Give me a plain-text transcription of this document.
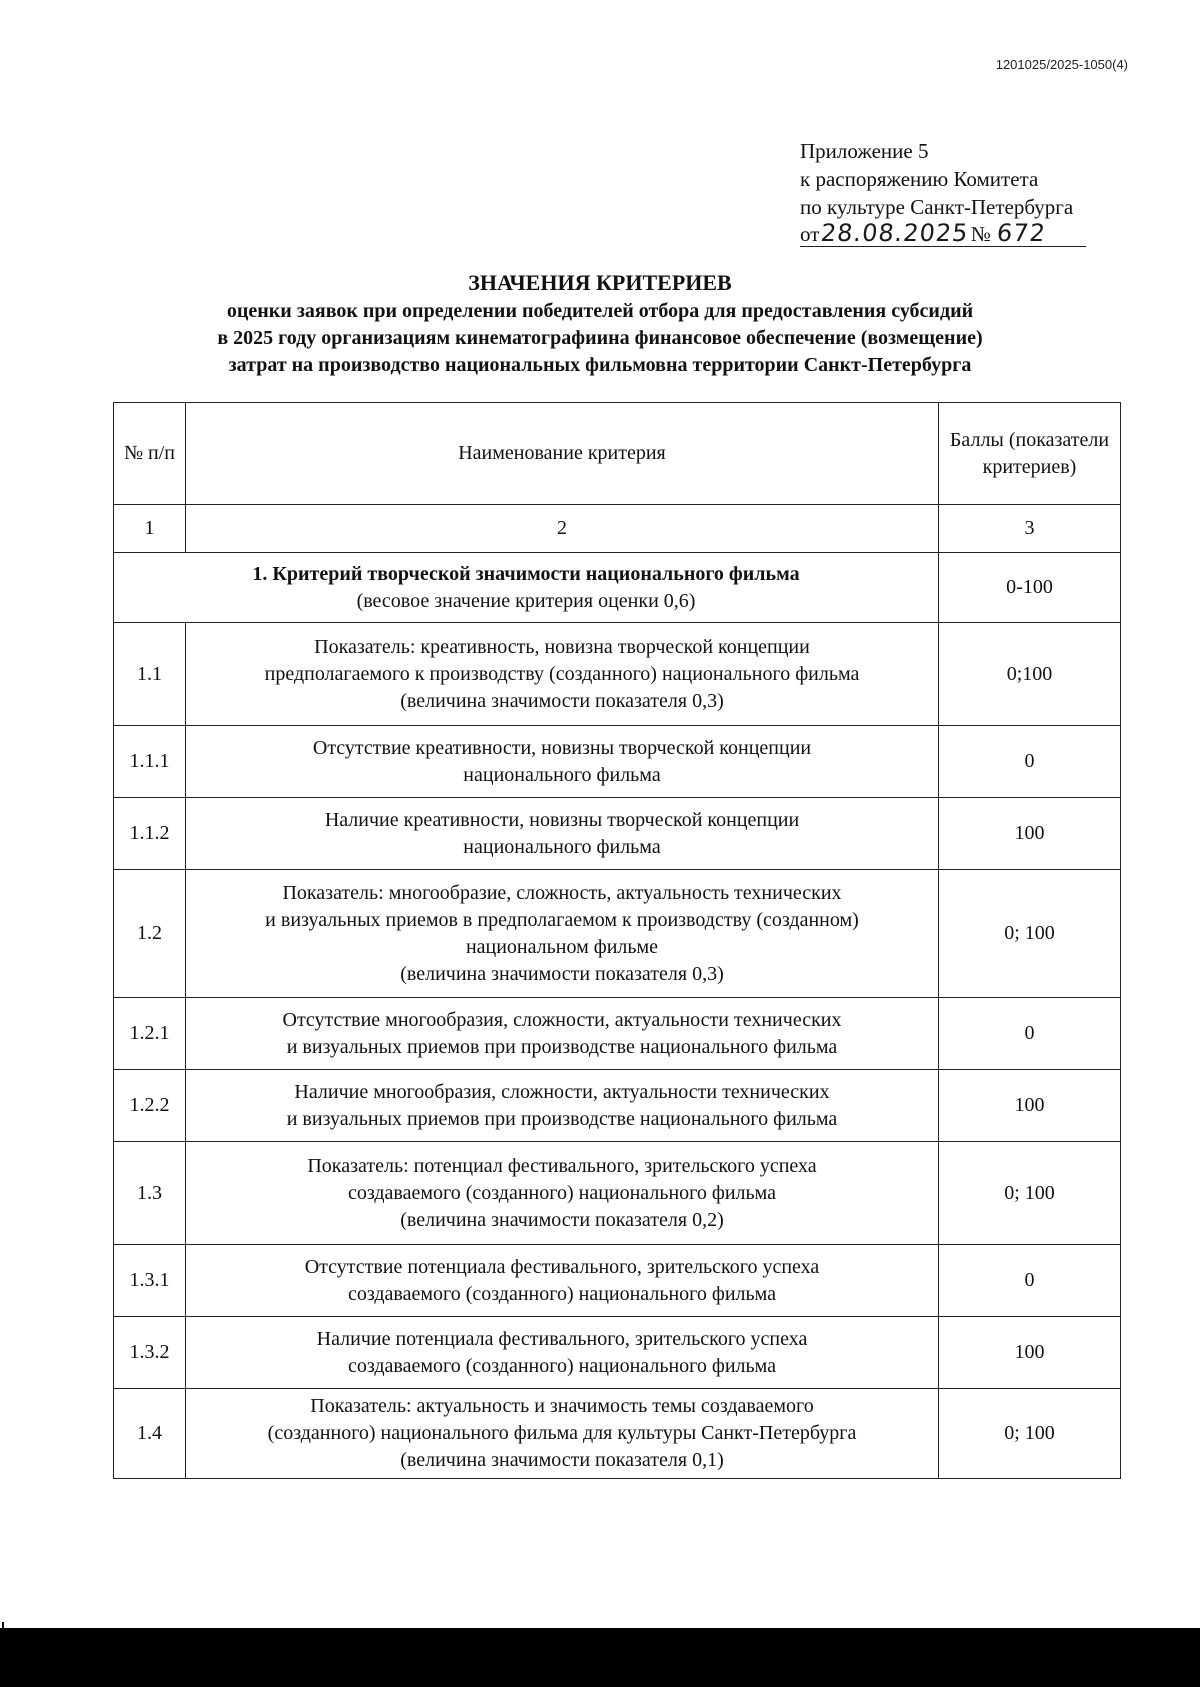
1201025/2025-1050(4)
Приложение 5
к распоряжению Комитета
по культуре Санкт-Петербурга
от28.08.2025№ 672
ЗНАЧЕНИЯ КРИТЕРИЕВ
оценки заявок при определении победителей отбора для предоставления субсидий
в 2025 году организациям кинематографиина финансовое обеспечение (возмещение)
затрат на производство национальных фильмовна территории Санкт-Петербурга
№ п/п	Наименование критерия	Баллы (показатели критериев)
1	2	3

1. Критерий творческой значимости национального фильма
(весовое значение критерия оценки 0,6)		0-100
1.1	Показатель: креативность, новизна творческой концепции
предполагаемого к производству (созданного) национального фильма
(величина значимости показателя 0,3)	0;100
1.1.1	Отсутствие креативности, новизны творческой концепции
национального фильма	0
1.1.2	Наличие креативности, новизны творческой концепции
национального фильма	100
1.2	Показатель: многообразие, сложность, актуальность технических
и визуальных приемов в предполагаемом к производству (созданном)
национальном фильме
(величина значимости показателя 0,3)	0; 100
1.2.1	Отсутствие многообразия, сложности, актуальности технических
и визуальных приемов при производстве национального фильма	0
1.2.2	Наличие многообразия, сложности, актуальности технических
и визуальных приемов при производстве национального фильма	100
1.3	Показатель: потенциал фестивального, зрительского успеха
создаваемого (созданного) национального фильма
(величина значимости показателя 0,2)	0; 100
1.3.1	Отсутствие потенциала фестивального, зрительского успеха
создаваемого (созданного) национального фильма	0
1.3.2	Наличие потенциала фестивального, зрительского успеха
создаваемого (созданного) национального фильма	100
1.4	Показатель: актуальность и значимость темы создаваемого
(созданного) национального фильма для культуры Санкт-Петербурга
(величина значимости показателя 0,1)	0; 100
